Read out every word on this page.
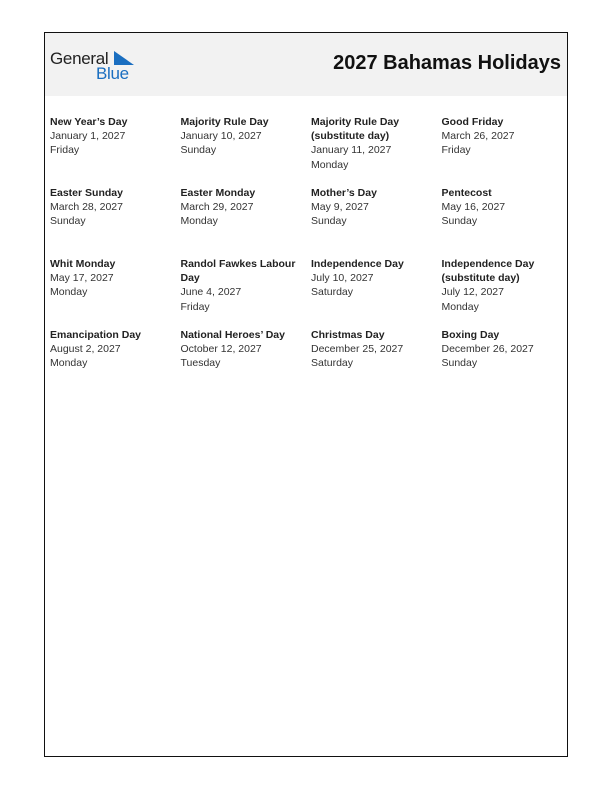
General
Blue	2027 Bahamas Holidays
New Year’s Day
January 1, 2027
Friday
Majority Rule Day
January 10, 2027
Sunday
Majority Rule Day (substitute day)
January 11, 2027
Monday
Good Friday
March 26, 2027
Friday
Easter Sunday
March 28, 2027
Sunday
Easter Monday
March 29, 2027
Monday
Mother’s Day
May 9, 2027
Sunday
Pentecost
May 16, 2027
Sunday
Whit Monday
May 17, 2027
Monday
Randol Fawkes Labour Day
June 4, 2027
Friday
Independence Day
July 10, 2027
Saturday
Independence Day (substitute day)
July 12, 2027
Monday
Emancipation Day
August 2, 2027
Monday
National Heroes’ Day
October 12, 2027
Tuesday
Christmas Day
December 25, 2027
Saturday
Boxing Day
December 26, 2027
Sunday
